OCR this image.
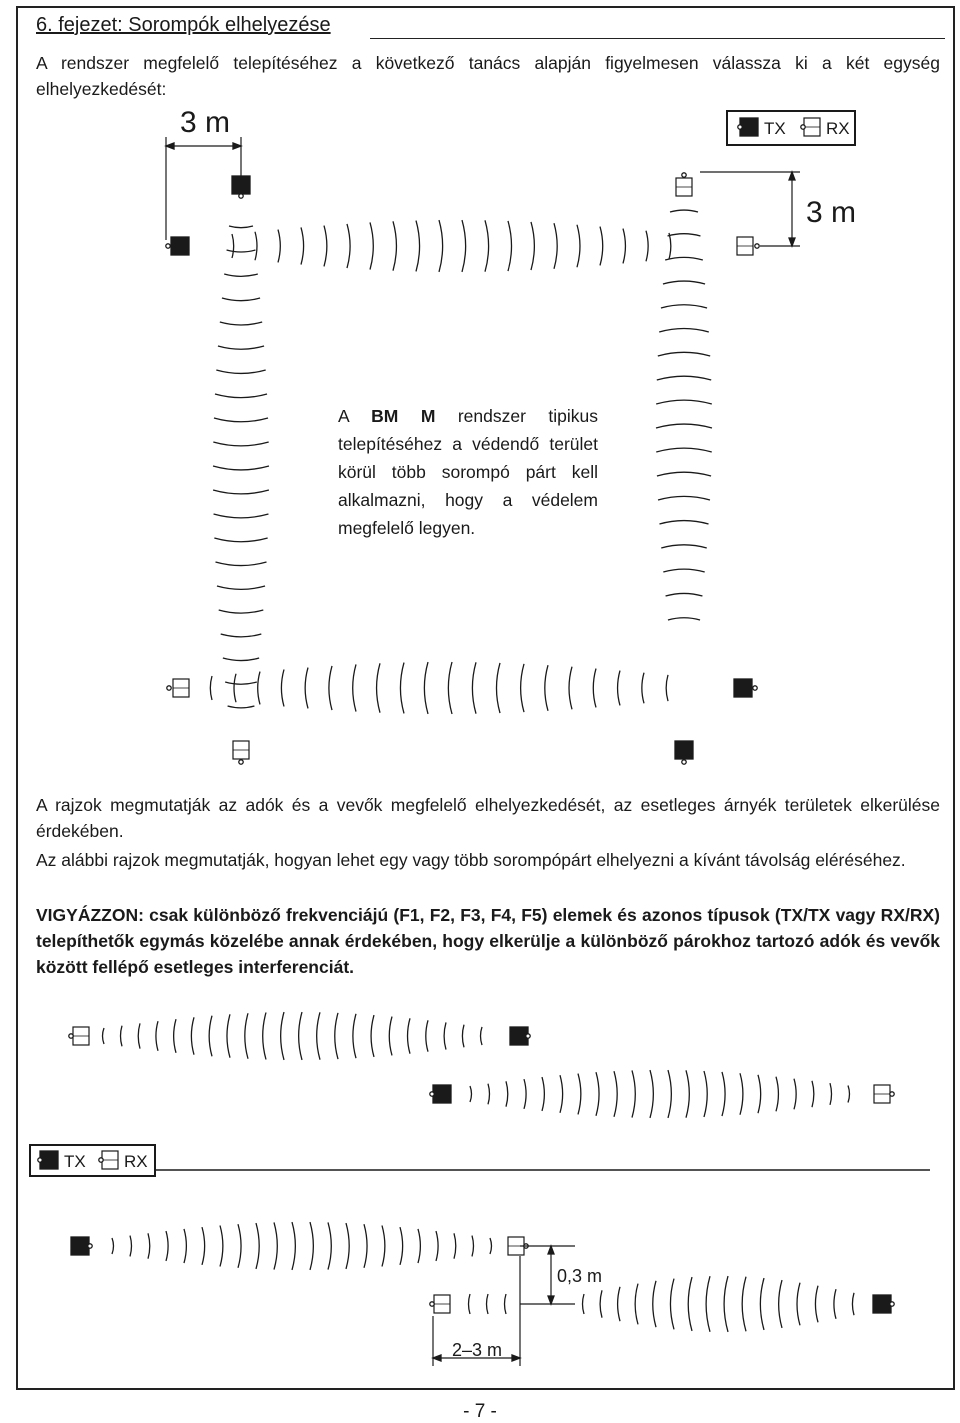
6. fejezet: Sorompók elhelyezése

A rendszer megfelelő telepítéséhez a következő tanács alapján figyelmesen válassza ki a két egység elhelyezkedését:

3 m
3 m
TX RX
TX RX
0,3 m
2–3 m
A BM M rendszer tipikus telepítéséhez a védendő terület körül több sorompó párt kell alkalmazni, hogy a védelem megfelelő legyen.

A rajzok megmutatják az adók és a vevők megfelelő elhelyezkedését, az esetleges árnyék területek elkerülése érdekében.

Az alábbi rajzok megmutatják, hogyan lehet egy vagy több sorompópárt elhelyezni a kívánt távolság eléréséhez.

VIGYÁZZON: csak különböző frekvenciájú (F1, F2, F3, F4, F5) elemek és azonos típusok (TX/TX vagy RX/RX) telepíthetők egymás közelébe annak érdekében, hogy elkerülje a különböző párokhoz tartozó adók és vevők között fellépő esetleges interferenciát.

- 7 -
